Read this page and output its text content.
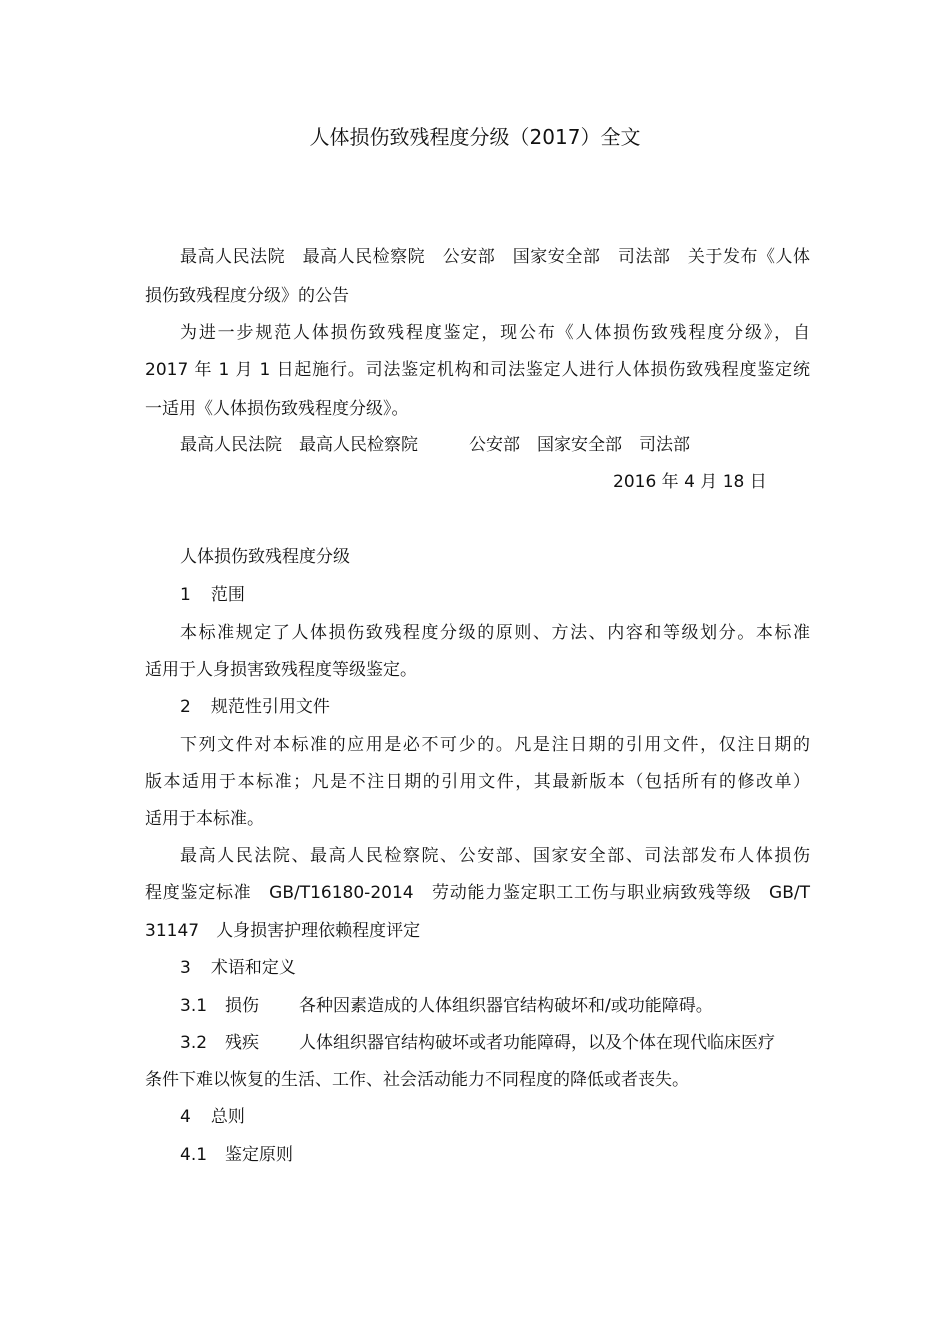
人体损伤致残程度分级（2017）全文
最高人民法院　最高人民检察院　公安部　国家安全部　司法部　关于发布《人体
损伤致残程度分级》的公告
为进一步规范人体损伤致残程度鉴定，现公布《人体损伤致残程度分级》，自
2017 年 1 月 1 日起施行。司法鉴定机构和司法鉴定人进行人体损伤致残程度鉴定统
一适用《人体损伤致残程度分级》。
最高人民法院　最高人民检察院　　　公安部　国家安全部　司法部
2016 年 4 月 18 日
人体损伤致残程度分级
1 范围
本标准规定了人体损伤致残程度分级的原则、方法、内容和等级划分。本标准
适用于人身损害致残程度等级鉴定。
2 规范性引用文件
下列文件对本标准的应用是必不可少的。凡是注日期的引用文件，仅注日期的
版本适用于本标准；凡是不注日期的引用文件，其最新版本（包括所有的修改单）
适用于本标准。
最高人民法院、最高人民检察院、公安部、国家安全部、司法部发布人体损伤
程度鉴定标准　GB/T16180-2014　劳动能力鉴定职工工伤与职业病致残等级　GB/T
31147　人身损害护理依赖程度评定
3 术语和定义
3.1 损伤 各种因素造成的人体组织器官结构破坏和/或功能障碍。
3.2 残疾 人体组织器官结构破坏或者功能障碍，以及个体在现代临床医疗
条件下难以恢复的生活、工作、社会活动能力不同程度的降低或者丧失。
4 总则
4.1 鉴定原则
